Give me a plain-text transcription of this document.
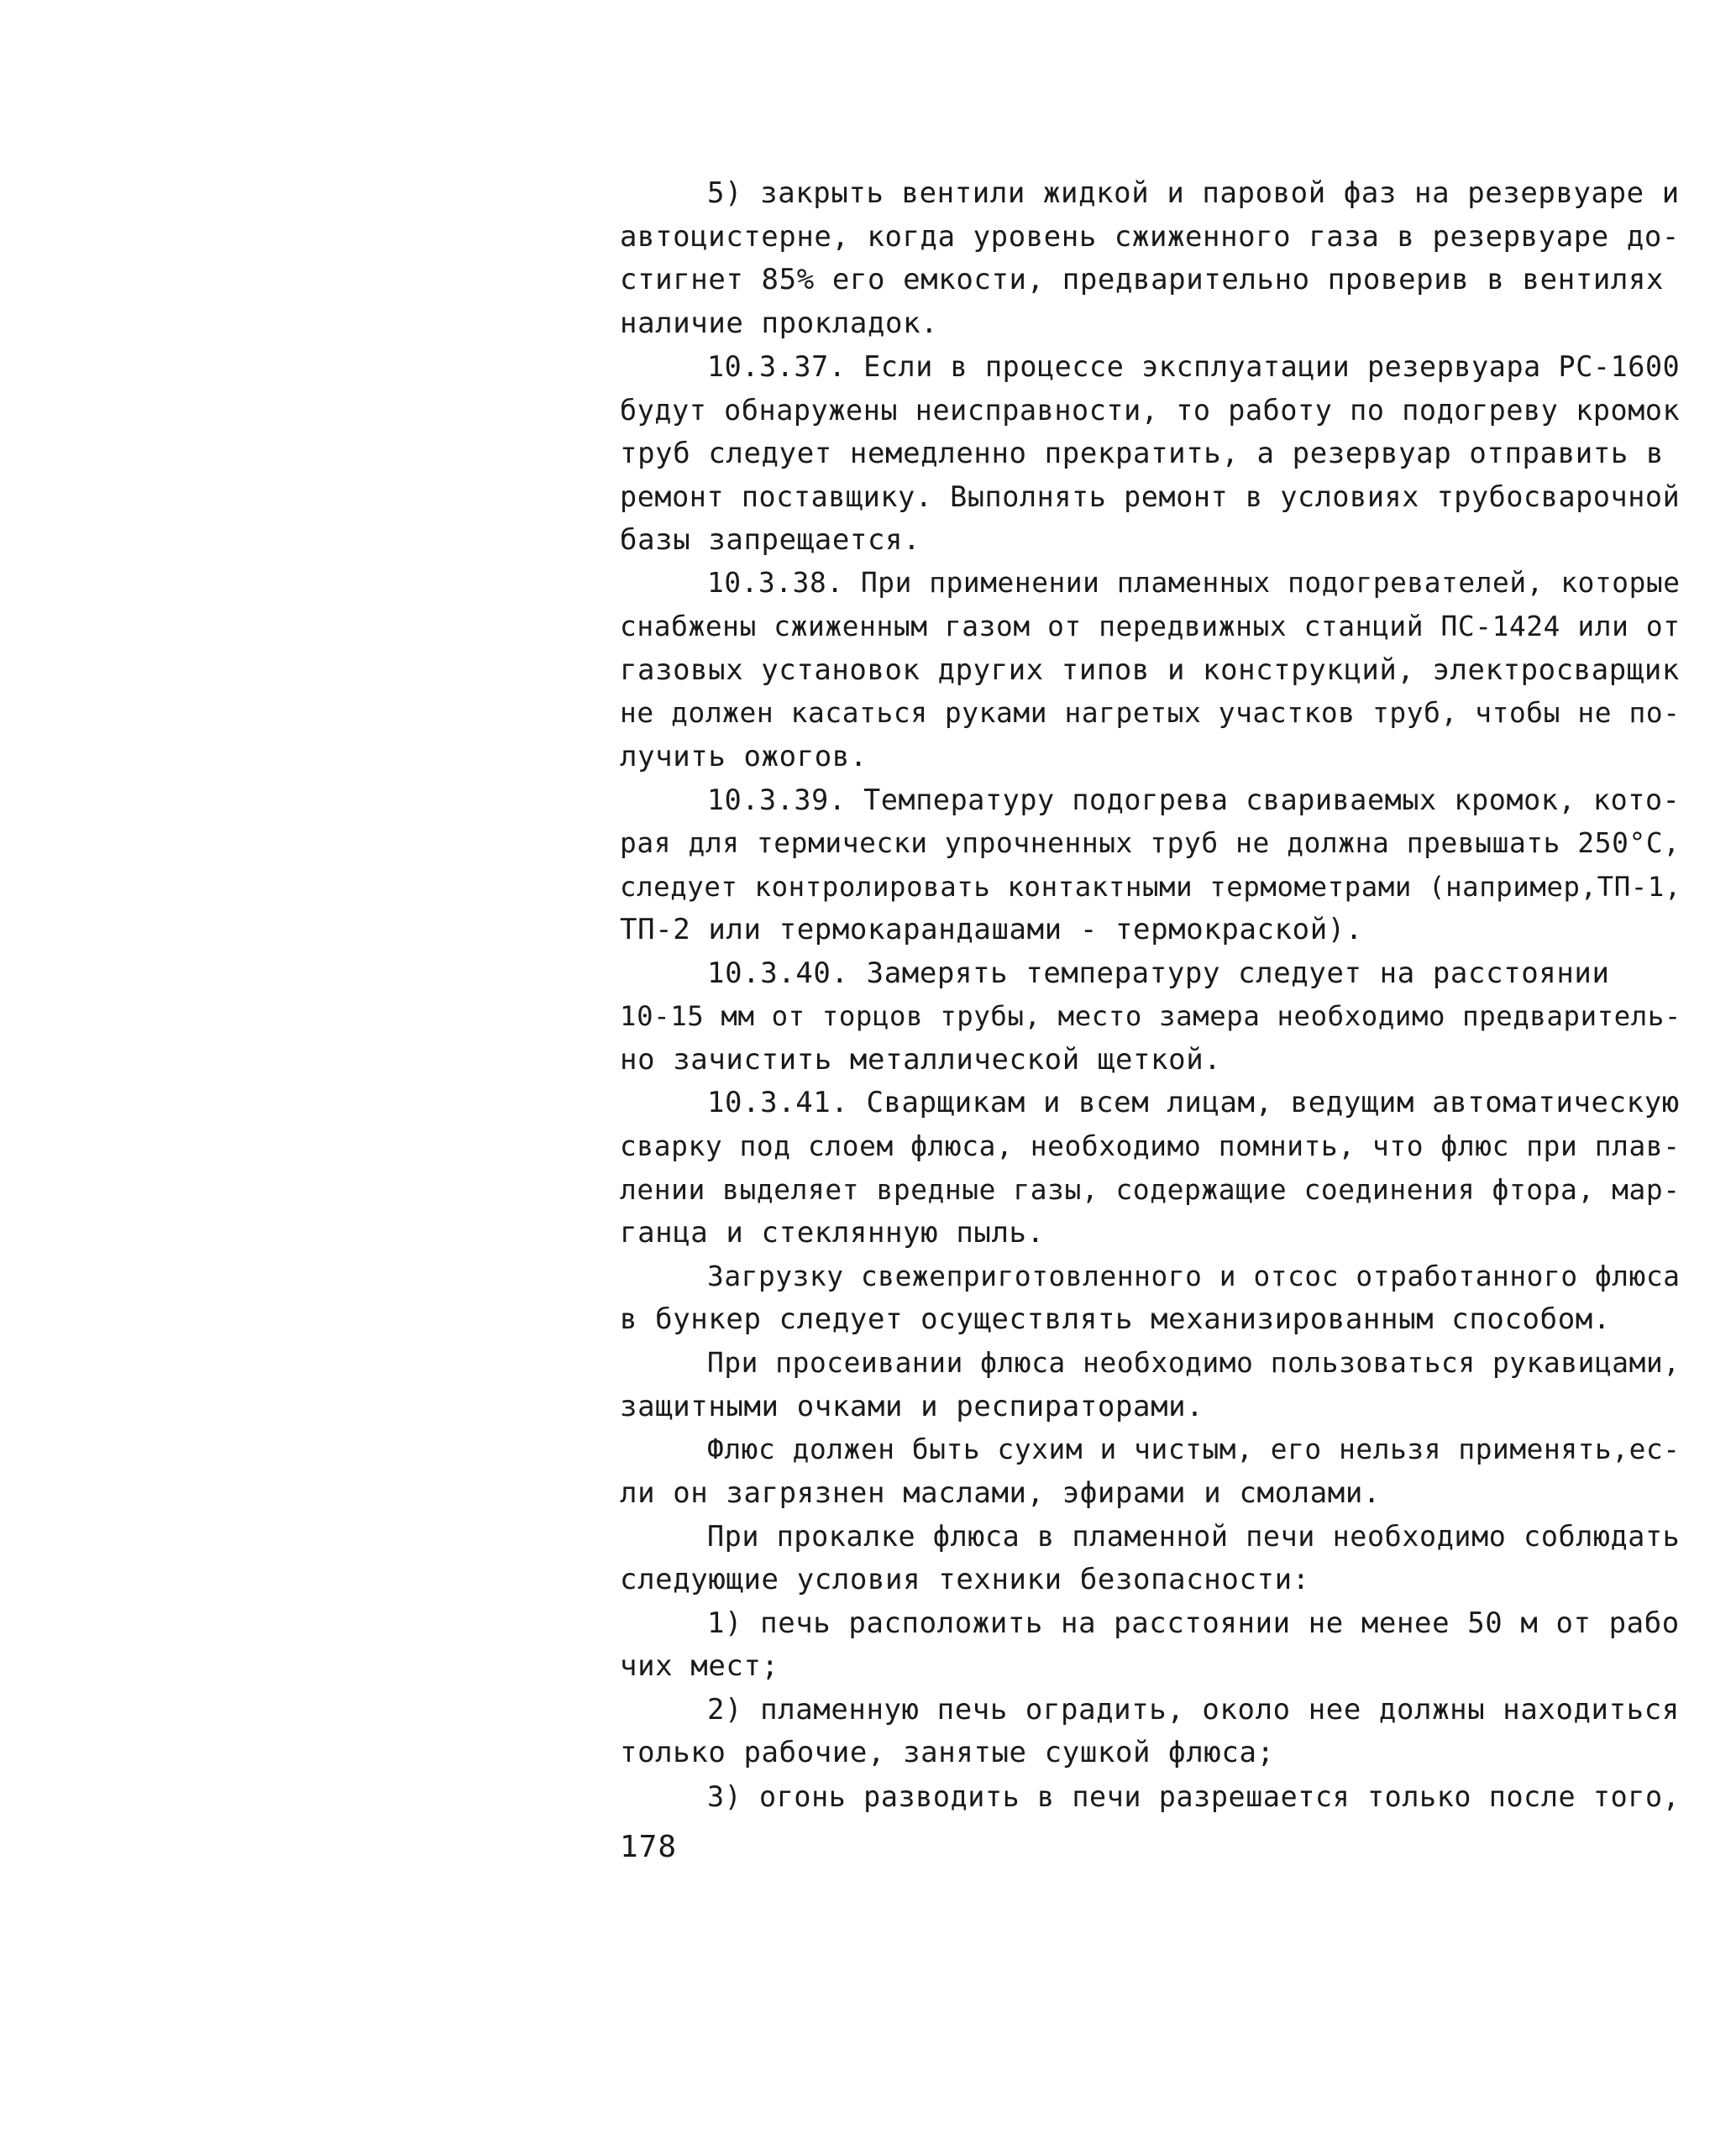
5) закрыть вентили жидкой и паровой фаз на резервуаре и
автоцистерне, когда уровень сжиженного газа в резервуаре до-
стигнет 85% его емкости, предварительно проверив в вентилях
наличие прокладок.
10.3.37. Если в процессе эксплуатации резервуара РС-1600
будут обнаружены неисправности, то работу по подогреву кромок
труб следует немедленно прекратить, а резервуар отправить в
ремонт поставщику. Выполнять ремонт в условиях трубосварочной
базы запрещается.
10.3.38. При применении пламенных подогревателей, которые
снабжены сжиженным газом от передвижных станций ПС-1424 или от
газовых установок других типов и конструкций, электросварщик
не должен касаться руками нагретых участков труб, чтобы не по-
лучить ожогов.
10.3.39. Температуру подогрева свариваемых кромок, кото-
рая для термически упрочненных труб не должна превышать 250°С,
следует контролировать контактными термометрами (например,ТП-1,
ТП-2 или термокарандашами - термокраской).
10.3.40. Замерять температуру следует на расстоянии
10-15 мм от торцов трубы, место замера необходимо предваритель-
но зачистить металлической щеткой.
10.3.41. Сварщикам и всем лицам, ведущим автоматическую
сварку под слоем флюса, необходимо помнить, что флюс при плав-
лении выделяет вредные газы, содержащие соединения фтора, мар-
ганца и стеклянную пыль.
Загрузку свежеприготовленного и отсос отработанного флюса
в бункер следует осуществлять механизированным способом.
При просеивании флюса необходимо пользоваться рукавицами,
защитными очками и респираторами.
Флюс должен быть сухим и чистым, его нельзя применять,ес-
ли он загрязнен маслами, эфирами и смолами.
При прокалке флюса в пламенной печи необходимо соблюдать
следующие условия техники безопасности:
1) печь расположить на расстоянии не менее 50 м от рабо
чих мест;
2) пламенную печь оградить, около нее должны находиться
только рабочие, занятые сушкой флюса;
3) огонь разводить в печи разрешается только после того,
178
